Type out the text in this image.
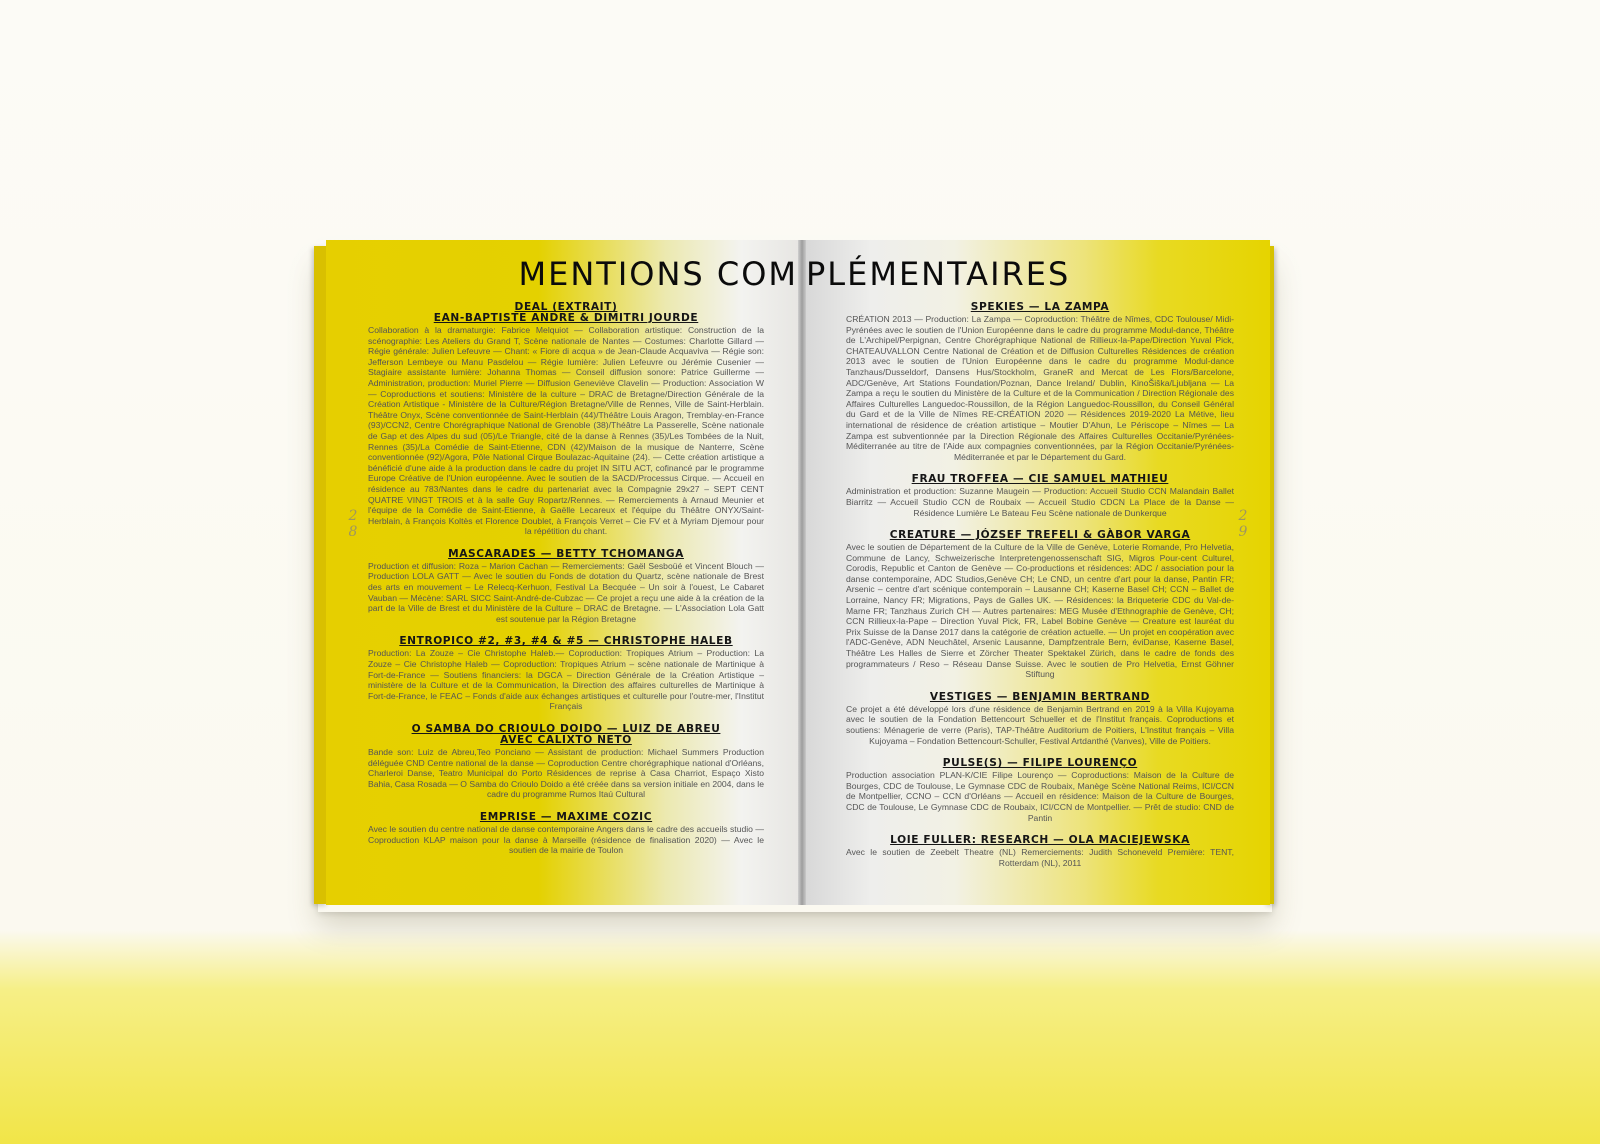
MENTIONS COM
2
8
DEAL (EXTRAIT)
EAN-BAPTISTE ANDRE & DIMITRI JOURDE
Collaboration à la dramaturgie: Fabrice Melquiot — Collaboration artistique: Construction de la scénographie: Les Ateliers du Grand T, Scène nationale de Nantes — Costumes: Charlotte Gillard — Régie générale: Julien Lefeuvre — Chant: « Fiore di acqua » de Jean-Claude Acquaviva — Régie son: Jefferson Lembeye ou Manu Pasdelou — Régie lumière: Julien Lefeuvre ou Jérémie Cusenier — Stagiaire assistante lumière: Johanna Thomas — Conseil diffusion sonore: Patrice Guillerme — Administration, production: Muriel Pierre — Diffusion Geneviève Clavelin — Production: Association W — Coproductions et soutiens: Ministère de la culture – DRAC de Bretagne/Direction Générale de la Création Artistique - Ministère de la Culture/Région Bretagne/Ville de Rennes, Ville de Saint-Herblain. Théâtre Onyx, Scène conventionnée de Saint-Herblain (44)/Théâtre Louis Aragon, Tremblay-en-France (93)/CCN2, Centre Chorégraphique National de Grenoble (38)/Théâtre La Passerelle, Scène nationale de Gap et des Alpes du sud (05)/Le Triangle, cité de la danse à Rennes (35)/Les Tombées de la Nuit, Rennes (35)/La Comédie de Saint-Etienne, CDN (42)/Maison de la musique de Nanterre, Scène conventionnée (92)/Agora, Pôle National Cirque Boulazac-Aquitaine (24). — Cette création artistique a bénéficié d'une aide à la production dans le cadre du projet IN SITU ACT, cofinancé par le programme Europe Créative de l'Union européenne. Avec le soutien de la SACD/Processus Cirque. — Accueil en résidence au 783/Nantes dans le cadre du partenariat avec la Compagnie 29x27 – SEPT CENT QUATRE VINGT TROIS et à la salle Guy Ropartz/Rennes. — Remerciements à Arnaud Meunier et l'équipe de la Comédie de Saint-Etienne, à Gaëlle Lecareux et l'équipe du Théâtre ONYX/Saint-Herblain, à François Koltès et Florence Doublet, à François Verret – Cie FV et à Myriam Djemour pour la répétition du chant.
MASCARADES — BETTY TCHOMANGA
Production et diffusion: Roza – Marion Cachan — Remerciements: Gaël Sesboüé et Vincent Blouch — Production LOLA GATT — Avec le soutien du Fonds de dotation du Quartz, scène nationale de Brest des arts en mouvement – Le Relecq-Kerhuon, Festival La Becquée – Un soir à l'ouest, Le Cabaret Vauban — Mécène: SARL SICC Saint-André-de-Cubzac — Ce projet a reçu une aide à la création de la part de la Ville de Brest et du Ministère de la Culture – DRAC de Bretagne. — L'Association Lola Gatt est soutenue par la Région Bretagne
ENTROPICO #2, #3, #4 & #5 — CHRISTOPHE HALEB
Production: La Zouze – Cie Christophe Haleb.— Coproduction: Tropiques Atrium – Production: La Zouze – Cie Christophe Haleb — Coproduction: Tropiques Atrium – scène nationale de Martinique à Fort-de-France — Soutiens financiers: la DGCA – Direction Générale de la Création Artistique – ministère de la Culture et de la Communication, la Direction des affaires culturelles de Martinique à Fort-de-France, le FEAC – Fonds d'aide aux échanges artistiques et culturelle pour l'outre-mer, l'Institut Français
O SAMBA DO CRIOULO DOIDO — LUIZ DE ABREU
AVEC CALIXTO NETO
Bande son: Luiz de Abreu,Teo Ponciano — Assistant de production: Michael Summers Production déléguée CND Centre national de la danse — Coproduction Centre chorégraphique national d'Orléans, Charleroi Danse, Teatro Municipal do Porto Résidences de reprise à Casa Charriot, Espaço Xisto Bahia, Casa Rosada — O Samba do Crioulo Doido a été créée dans sa version initiale en 2004, dans le cadre du programme Rumos Itaú Cultural
EMPRISE — MAXIME COZIC
Avec le soutien du centre national de danse contemporaine Angers dans le cadre des accueils studio — Coproduction KLAP maison pour la danse à Marseille (résidence de finalisation 2020) — Avec le soutien de la mairie de Toulon
PLÉMENTAIRES
2
9
SPEKIES — LA ZAMPA
CRÉATION 2013 — Production: La Zampa — Coproduction: Théâtre de Nîmes, CDC Toulouse/ Midi- Pyrénées avec le soutien de l'Union Européenne dans le cadre du programme Modul-dance, Théâtre de L'Archipel/Perpignan, Centre Chorégraphique National de Rillieux-la-Pape/Direction Yuval Pick, CHATEAUVALLON Centre National de Création et de Diffusion Culturelles Résidences de création 2013 avec le soutien de l'Union Européenne dans le cadre du programme Modul-dance Tanzhaus/Dusseldorf, Dansens Hus/Stockholm, GraneR and Mercat de Les Flors/Barcelone, ADC/Genève, Art Stations Foundation/Poznan, Dance Ireland/ Dublin, KinoŠiška/Ljubljana — La Zampa a reçu le soutien du Ministère de la Culture et de la Communication / Direction Régionale des Affaires Culturelles Languedoc-Roussillon, de la Région Languedoc-Roussillon, du Conseil Général du Gard et de la Ville de Nîmes RE-CRÉATION 2020 — Résidences 2019-2020 La Métive, lieu international de résidence de création artistique – Moutier D'Ahun, Le Périscope – Nîmes — La Zampa est subventionnée par la Direction Régionale des Affaires Culturelles Occitanie/Pyrénées-Méditerranée au titre de l'Aide aux compagnies conventionnées, par la Région Occitanie/Pyrénées-Méditerranée et par le Département du Gard.
FRAU TROFFEA — CIE SAMUEL MATHIEU
Administration et production: Suzanne Maugein — Production: Accueil Studio CCN Malandain Ballet Biarritz — Accueil Studio CCN de Roubaix — Accueil Studio CDCN La Place de la Danse — Résidence Lumière Le Bateau Feu Scène nationale de Dunkerque
CREATURE — JÓZSEF TREFELI & GÀBOR VARGA
Avec le soutien de Département de la Culture de la Ville de Genève, Loterie Romande, Pro Helvetia, Commune de Lancy, Schweizerische Interpretengenossenschaft SIG, Migros Pour-cent Culturel, Corodis, Republic et Canton de Genève — Co-productions et résidences: ADC / association pour la danse contemporaine, ADC Studios,Genève CH; Le CND, un centre d'art pour la danse, Pantin FR; Arsenic – centre d'art scénique contemporain – Lausanne CH; Kaserne Basel CH; CCN – Ballet de Lorraine, Nancy FR; Migrations, Pays de Galles UK. — Résidences: la Briqueterie CDC du Val-de-Marne FR; Tanzhaus Zurich CH — Autres partenaires: MEG Musée d'Ethnographie de Genève, CH; CCN Rillieux-la-Pape – Direction Yuval Pick, FR, Label Bobine Genève — Creature est lauréat du Prix Suisse de la Danse 2017 dans la catégorie de création actuelle. — Un projet en coopération avec l'ADC-Genève, ADN Neuchâtel, Arsenic Lausanne, Dampfzentrale Bern, éviDanse, Kaserne Basel, Théâtre Les Halles de Sierre et Zörcher Theater Spektakel Zürich, dans le cadre de fonds des programmateurs / Reso – Réseau Danse Suisse. Avec le soutien de Pro Helvetia, Ernst Göhner Stiftung
VESTIGES — BENJAMIN BERTRAND
Ce projet a été développé lors d'une résidence de Benjamin Bertrand en 2019 à la Villa Kujoyama avec le soutien de la Fondation Bettencourt Schueller et de l'Institut français. Coproductions et soutiens: Ménagerie de verre (Paris), TAP-Théâtre Auditorium de Poitiers, L'Institut français – Villa Kujoyama – Fondation Bettencourt-Schuller, Festival Artdanthé (Vanves), Ville de Poitiers.
PULSE(S) — FILIPE LOURENÇO
Production association PLAN-K/CIE Filipe Lourenço — Coproductions: Maison de la Culture de Bourges, CDC de Toulouse, Le Gymnase CDC de Roubaix, Manège Scène National Reims, ICI/CCN de Montpellier, CCNO – CCN d'Orléans — Accueil en résidence: Maison de la Culture de Bourges, CDC de Toulouse, Le Gymnase CDC de Roubaix, ICI/CCN de Montpellier. — Prêt de studio: CND de Pantin
LOIE FULLER: RESEARCH — OLA MACIEJEWSKA
Avec le soutien de Zeebelt Theatre (NL) Remerciements: Judith Schoneveld Première: TENT, Rotterdam (NL), 2011
